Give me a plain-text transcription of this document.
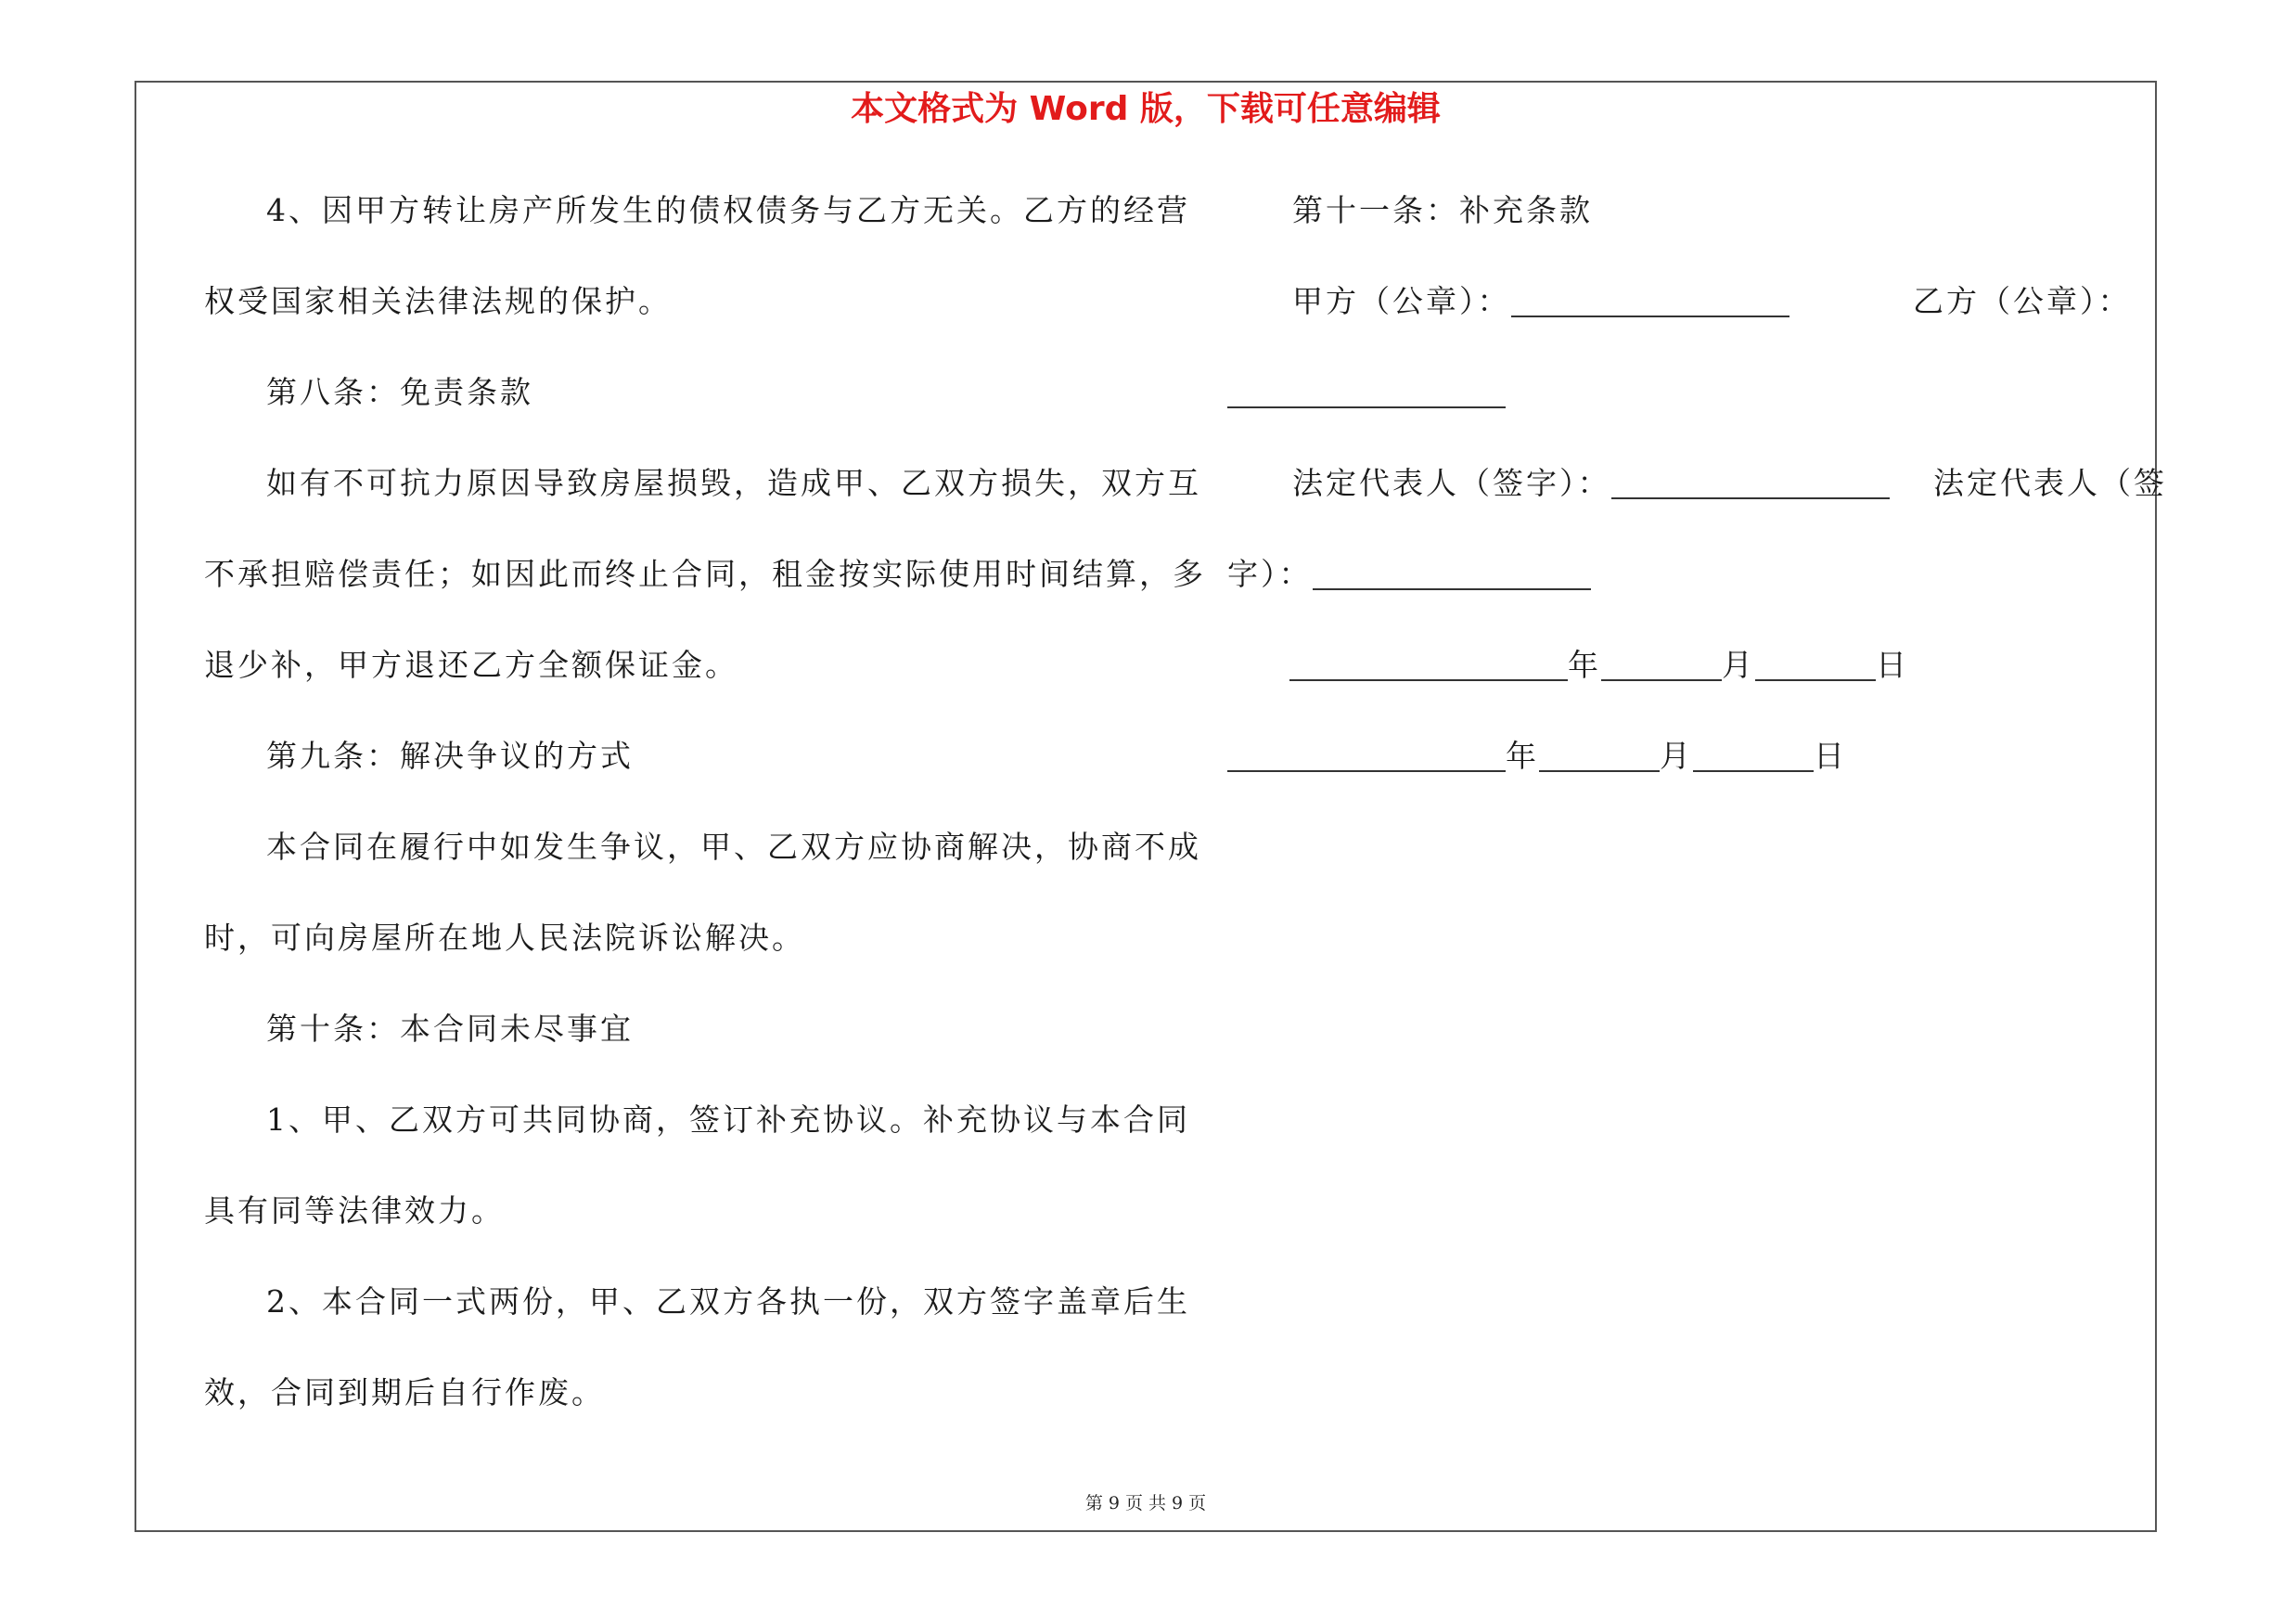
本文格式为 Word 版，下载可任意编辑
4、因甲方转让房产所发生的债权债务与乙方无关。乙方的经营
权受国家相关法律法规的保护。
第八条：免责条款
如有不可抗力原因导致房屋损毁，造成甲、乙双方损失，双方互
不承担赔偿责任；如因此而终止合同，租金按实际使用时间结算，多
退少补，甲方退还乙方全额保证金。
第九条：解决争议的方式
本合同在履行中如发生争议，甲、乙双方应协商解决，协商不成
时，可向房屋所在地人民法院诉讼解决。
第十条：本合同未尽事宜
1、甲、乙双方可共同协商，签订补充协议。补充协议与本合同
具有同等法律效力。
2、本合同一式两份，甲、乙双方各执一份，双方签字盖章后生
效，合同到期后自行作废。
第十一条：补充条款
甲方（公章）：	乙方（公章）：
法定代表人（签字）：	法定代表人（签
字）：
年	月	日
年	月	日
第 9 页 共 9 页
